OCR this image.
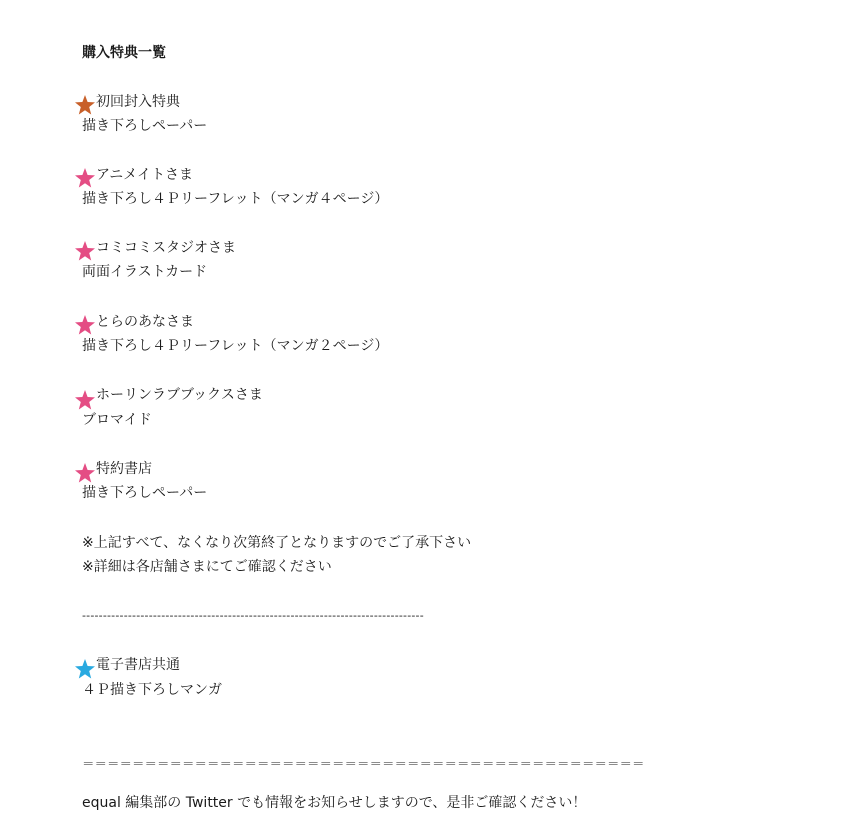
購入特典一覧
初回封入特典
描き下ろしペーパー
アニメイトさま
描き下ろし４Ｐリーフレット（マンガ４ページ）
コミコミスタジオさま
両面イラストカード
とらのあなさま
描き下ろし４Ｐリーフレット（マンガ２ページ）
ホーリンラブブックスさま
ブロマイド
特約書店
描き下ろしペーパー
※上記すべて、なくなり次第終了となりますのでご了承下さい
※詳細は各店舗さまにてご確認ください
----------------------------------------------------------------------------------
電子書店共通
４Ｐ描き下ろしマンガ
＝＝＝＝＝＝＝＝＝＝＝＝＝＝＝＝＝＝＝＝＝＝＝＝＝＝＝＝＝＝＝＝＝＝＝＝＝＝＝＝＝＝＝＝＝
equal 編集部の Twitter でも情報をお知らせしますので、是非ご確認ください！
